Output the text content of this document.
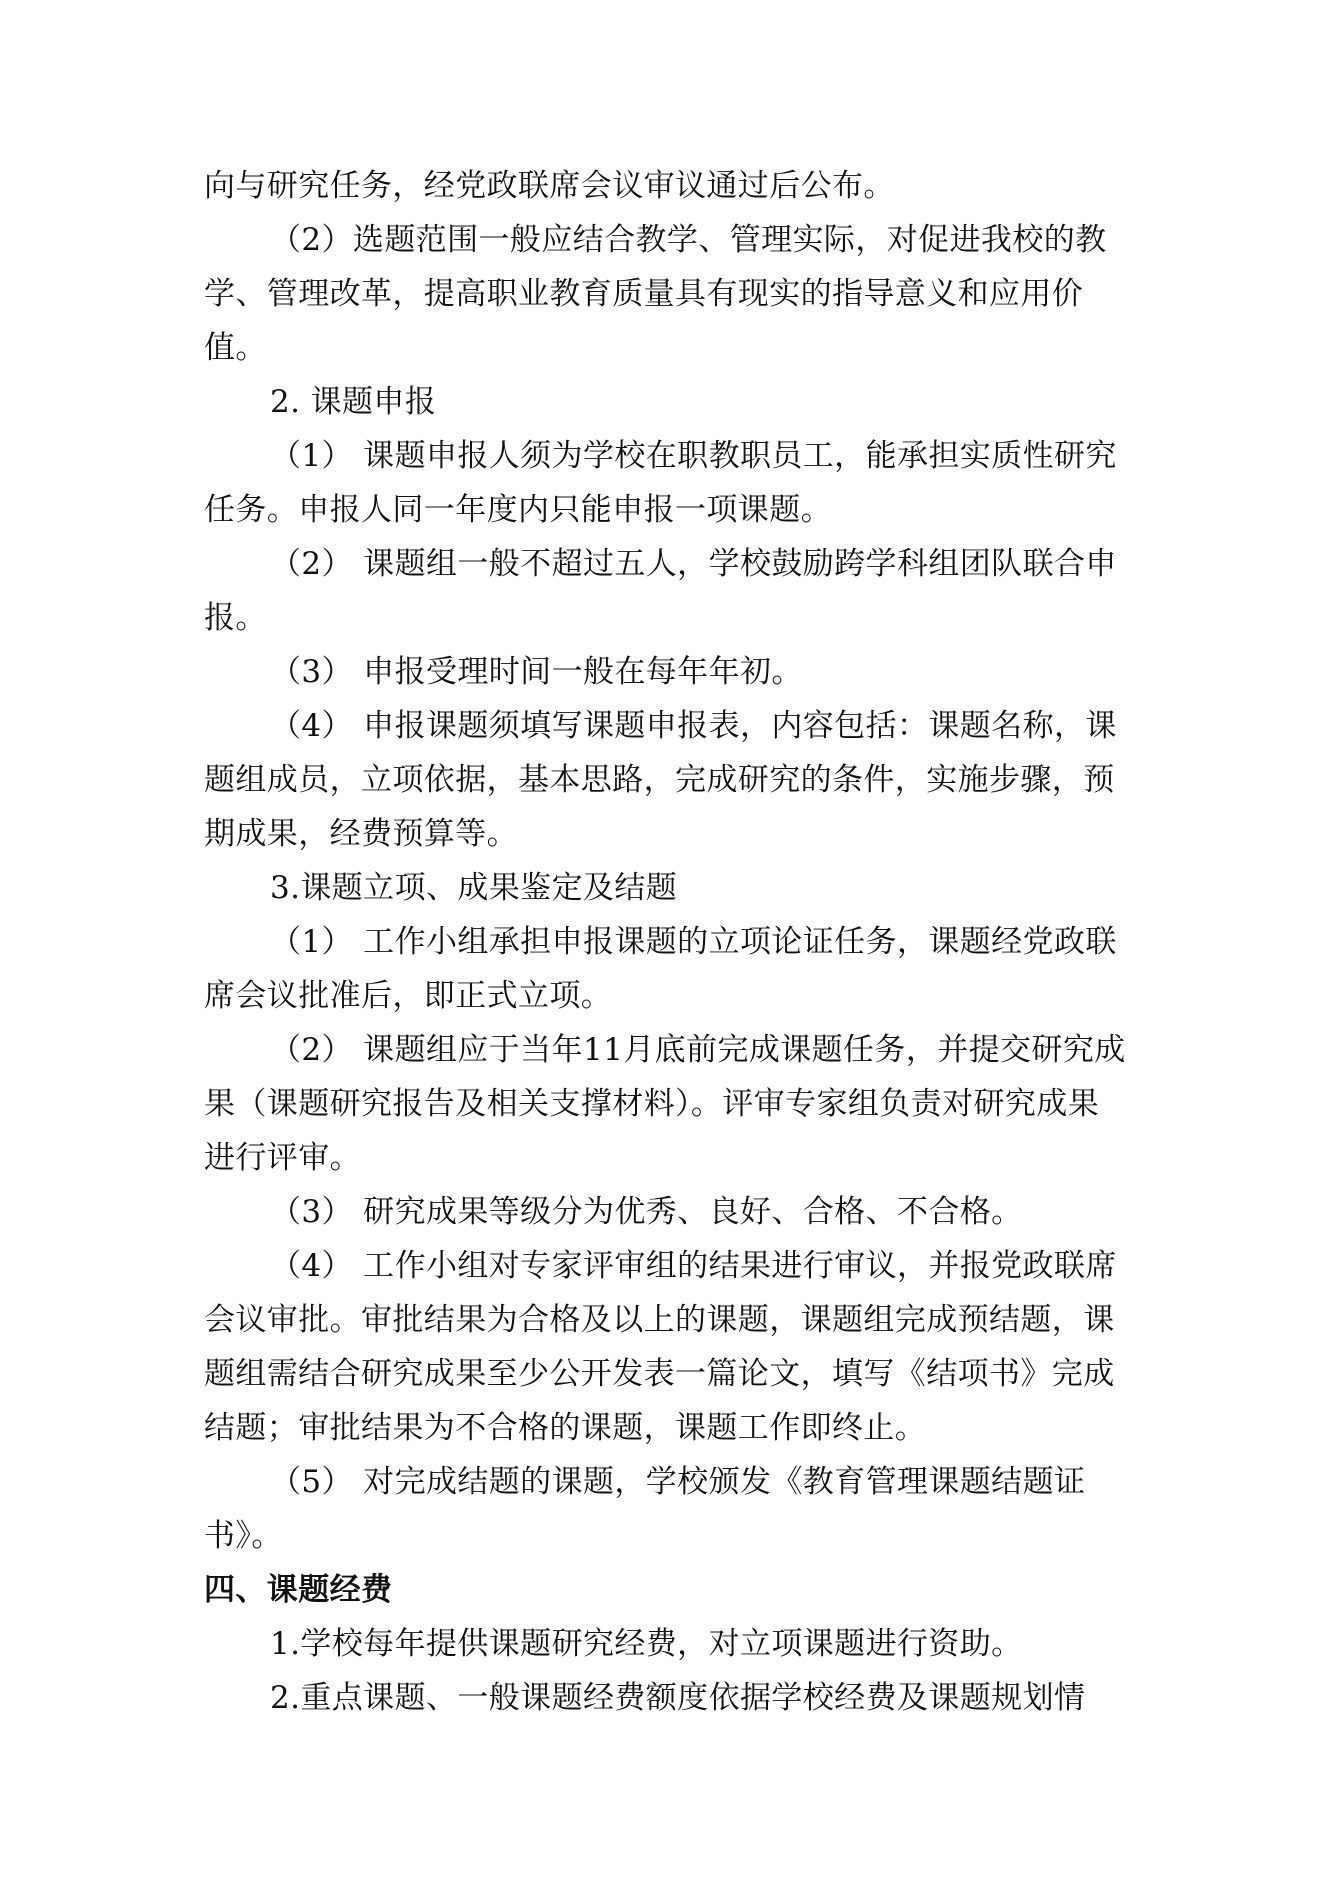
向与研究任务，经党政联席会议审议通过后公布。
（2）选题范围一般应结合教学、管理实际，对促进我校的教
学、管理改革，提高职业教育质量具有现实的指导意义和应用价
值。
2. 课题申报
（1） 课题申报人须为学校在职教职员工，能承担实质性研究
任务。申报人同一年度内只能申报一项课题。
（2） 课题组一般不超过五人，学校鼓励跨学科组团队联合申
报。
（3） 申报受理时间一般在每年年初。
（4） 申报课题须填写课题申报表，内容包括：课题名称，课
题组成员，立项依据，基本思路，完成研究的条件，实施步骤，预
期成果，经费预算等。
3.课题立项、成果鉴定及结题
（1） 工作小组承担申报课题的立项论证任务，课题经党政联
席会议批准后，即正式立项。
（2） 课题组应于当年11月底前完成课题任务，并提交研究成
果（课题研究报告及相关支撑材料）。评审专家组负责对研究成果
进行评审。
（3） 研究成果等级分为优秀、良好、合格、不合格。
（4） 工作小组对专家评审组的结果进行审议，并报党政联席
会议审批。审批结果为合格及以上的课题，课题组完成预结题，课
题组需结合研究成果至少公开发表一篇论文，填写《结项书》完成
结题；审批结果为不合格的课题，课题工作即终止。
（5） 对完成结题的课题，学校颁发《教育管理课题结题证
书》。
四、课题经费
1.学校每年提供课题研究经费，对立项课题进行资助。
2.重点课题、一般课题经费额度依据学校经费及课题规划情
